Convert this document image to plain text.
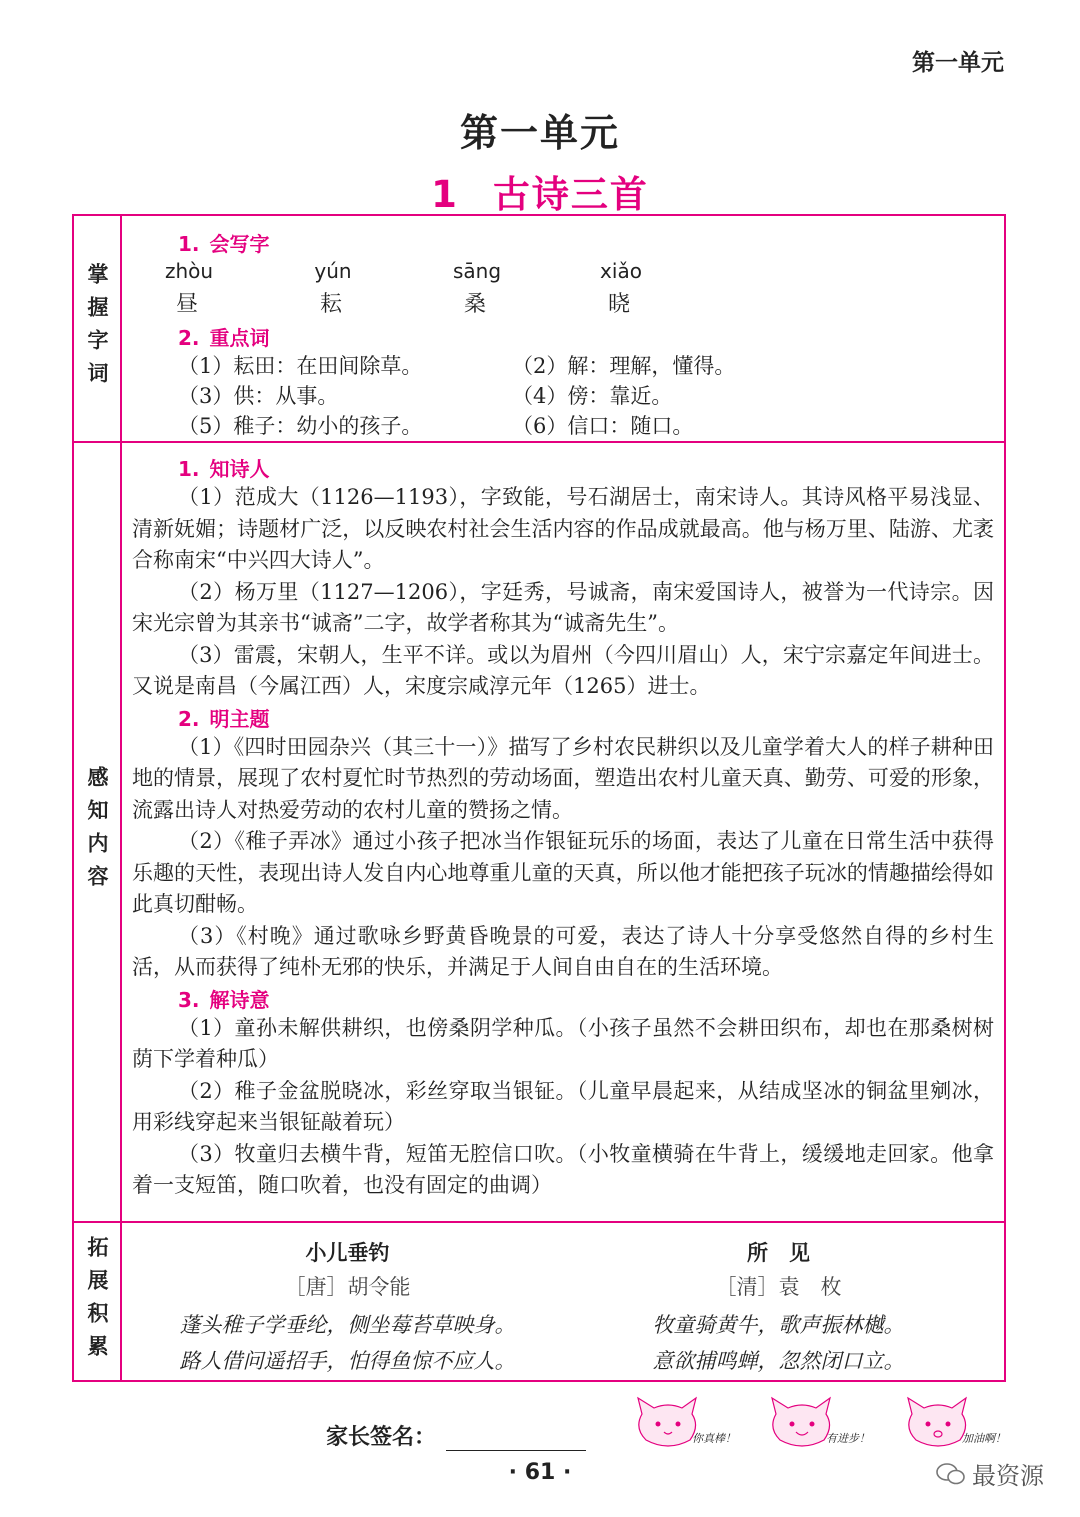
第一单元
第一单元
1 古诗三首
掌握字词
1. 会写字
zhòu	yún	sāng	xiǎo
昼	耘	桑	晓
2. 重点词
（1）耘田：在田间除草。	（2）解：理解，懂得。
（3）供：从事。	（4）傍：靠近。
（5）稚子：幼小的孩子。	（6）信口：随口。
感知内容
1. 知诗人

（1）范成大（1126—1193），字致能，号石湖居士，南宋诗人。其诗风格平易浅显、清新妩媚；诗题材广泛，以反映农村社会生活内容的作品成就最高。他与杨万里、陆游、尤袤合称南宋“中兴四大诗人”。

（2）杨万里（1127—1206），字廷秀，号诚斋，南宋爱国诗人，被誉为一代诗宗。因宋光宗曾为其亲书“诚斋”二字，故学者称其为“诚斋先生”。

（3）雷震，宋朝人，生平不详。或以为眉州（今四川眉山）人，宋宁宗嘉定年间进士。又说是南昌（今属江西）人，宋度宗咸淳元年（1265）进士。

2. 明主题

（1）《四时田园杂兴（其三十一）》描写了乡村农民耕织以及儿童学着大人的样子耕种田地的情景，展现了农村夏忙时节热烈的劳动场面，塑造出农村儿童天真、勤劳、可爱的形象，流露出诗人对热爱劳动的农村儿童的赞扬之情。

（2）《稚子弄冰》通过小孩子把冰当作银钲玩乐的场面，表达了儿童在日常生活中获得乐趣的天性，表现出诗人发自内心地尊重儿童的天真，所以他才能把孩子玩冰的情趣描绘得如此真切酣畅。

（3）《村晚》通过歌咏乡野黄昏晚景的可爱，表达了诗人十分享受悠然自得的乡村生活，从而获得了纯朴无邪的快乐，并满足于人间自由自在的生活环境。

3. 解诗意

（1）童孙未解供耕织，也傍桑阴学种瓜。（小孩子虽然不会耕田织布，却也在那桑树树荫下学着种瓜）

（2）稚子金盆脱晓冰，彩丝穿取当银钲。（儿童早晨起来，从结成坚冰的铜盆里剜冰，用彩线穿起来当银钲敲着玩）

（3）牧童归去横牛背，短笛无腔信口吹。（小牧童横骑在牛背上，缓缓地走回家。他拿着一支短笛，随口吹着，也没有固定的曲调）

拓展积累	小儿垂钓
［唐］胡令能
蓬头稚子学垂纶，侧坐莓苔草映身。
路人借问遥招手，怕得鱼惊不应人。
所　见
［清］袁　枚
牧童骑黄牛，歌声振林樾。
意欲捕鸣蝉，忽然闭口立。
家长签名：	你真棒！	有进步！	加油啊！
· 61 ·	最资源
